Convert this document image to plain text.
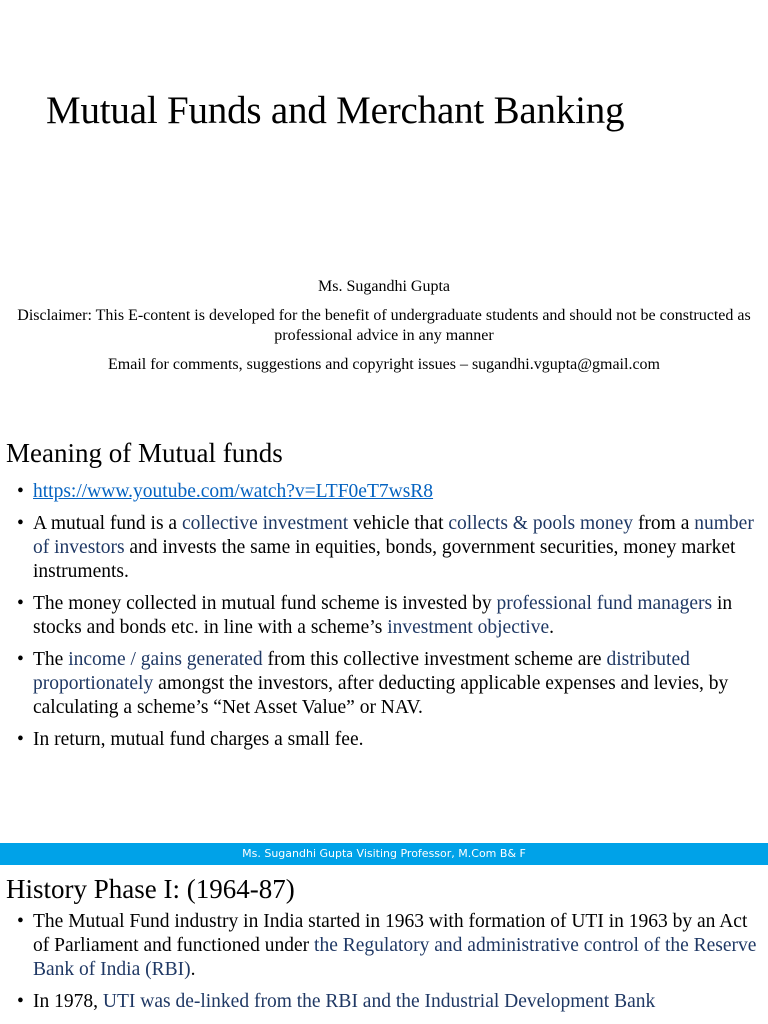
Mutual Funds and Merchant Banking

Ms. Sugandhi Gupta

Disclaimer: This E-content is developed for the benefit of undergraduate students and should not be constructed as professional advice in any manner

Email for comments, suggestions and copyright issues – sugandhi.vgupta@gmail.com

Meaning of Mutual funds
• https://www.youtube.com/watch?v=LTF0eT7wsR8
• A mutual fund is a collective investment vehicle that collects & pools money from a number of investors and invests the same in equities, bonds, government securities, money market instruments.
• The money collected in mutual fund scheme is invested by professional fund managers in stocks and bonds etc. in line with a scheme’s investment objective.
• The income / gains generated from this collective investment scheme are distributed proportionately amongst the investors, after deducting applicable expenses and levies, by calculating a scheme’s “Net Asset Value” or NAV.
• In return, mutual fund charges a small fee.
Ms. Sugandhi Gupta Visiting Professor, M.Com B& F
History Phase I: (1964-87)
• The Mutual Fund industry in India started in 1963 with formation of UTI in 1963 by an Act of Parliament and functioned under the Regulatory and administrative control of the Reserve Bank of India (RBI).
• In 1978, UTI was de-linked from the RBI and the Industrial Development Bank
